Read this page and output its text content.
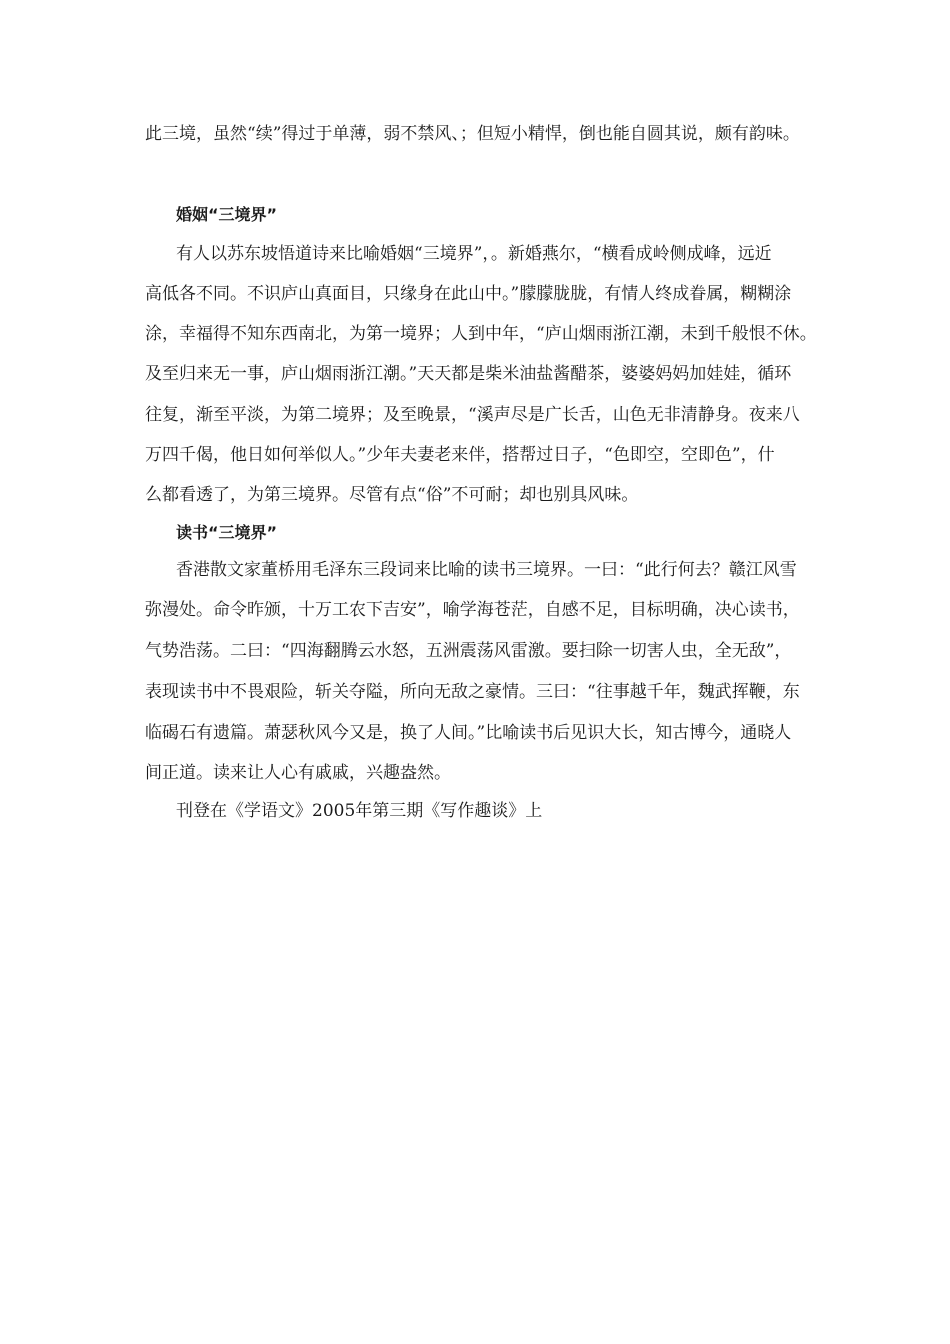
此三境，虽然“续”得过于单薄，弱不禁风、；但短小精悍，倒也能自圆其说，颇有韵味。
婚姻“三境界”
有人以苏东坡悟道诗来比喻婚姻“三境界”，。新婚燕尔，“横看成岭侧成峰，远近
高低各不同。不识庐山真面目，只缘身在此山中。”朦朦胧胧，有情人终成眷属，糊糊涂
涂，幸福得不知东西南北，为第一境界；人到中年，“庐山烟雨浙江潮，未到千般恨不休。
及至归来无一事，庐山烟雨浙江潮。”天天都是柴米油盐酱醋茶，婆婆妈妈加娃娃，循环
往复，渐至平淡，为第二境界；及至晚景，“溪声尽是广长舌，山色无非清静身。夜来八
万四千偈，他日如何举似人。”少年夫妻老来伴，搭帮过日子，“色即空，空即色”，什
么都看透了，为第三境界。尽管有点“俗”不可耐；却也别具风味。
读书“三境界”
香港散文家董桥用毛泽东三段词来比喻的读书三境界。一曰：“此行何去？赣江风雪
弥漫处。命令昨颁，十万工农下吉安”，喻学海苍茫，自感不足，目标明确，决心读书，
气势浩荡。二曰：“四海翻腾云水怒，五洲震荡风雷激。要扫除一切害人虫，全无敌”，
表现读书中不畏艰险，斩关夺隘，所向无敌之豪情。三曰：“往事越千年，魏武挥鞭，东
临碣石有遗篇。萧瑟秋风今又是，换了人间。”比喻读书后见识大长，知古博今，通晓人
间正道。读来让人心有戚戚，兴趣盎然。
刊登在《学语文》2005年第三期《写作趣谈》上
